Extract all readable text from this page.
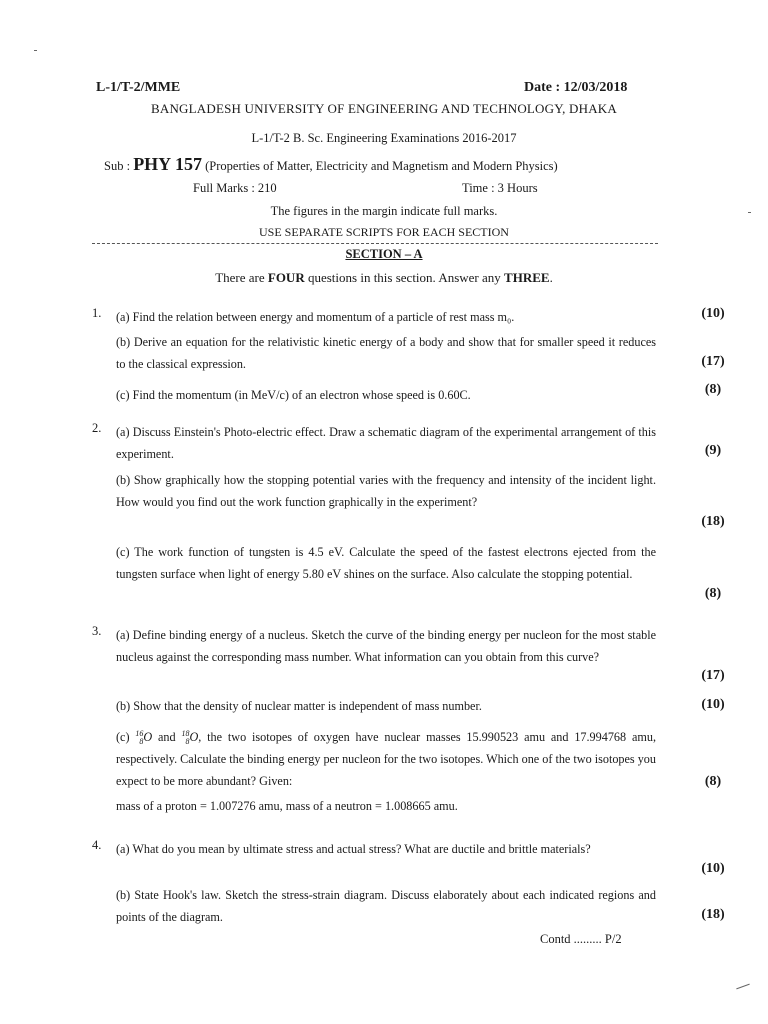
L-1/T-2/MME	Date : 12/03/2018
BANGLADESH UNIVERSITY OF ENGINEERING AND TECHNOLOGY, DHAKA
L-1/T-2 B. Sc. Engineering Examinations 2016-2017
Sub : PHY 157 (Properties of Matter, Electricity and Magnetism and Modern Physics)
Full Marks : 210	Time : 3 Hours
The figures in the margin indicate full marks.
USE SEPARATE SCRIPTS FOR EACH SECTION
SECTION – A
There are FOUR questions in this section. Answer any THREE.
1. (a) Find the relation between energy and momentum of a particle of rest mass m₀.	(10)
(b) Derive an equation for the relativistic kinetic energy of a body and show that for smaller speed it reduces to the classical expression.	(17)
(c) Find the momentum (in MeV/c) of an electron whose speed is 0.60C.	(8)
2. (a) Discuss Einstein's Photo-electric effect. Draw a schematic diagram of the experimental arrangement of this experiment.	(9)
(b) Show graphically how the stopping potential varies with the frequency and intensity of the incident light. How would you find out the work function graphically in the experiment?
(18)
(c) The work function of tungsten is 4.5 eV. Calculate the speed of the fastest electrons ejected from the tungsten surface when light of energy 5.80 eV shines on the surface. Also calculate the stopping potential.
(8)
3. (a) Define binding energy of a nucleus. Sketch the curve of the binding energy per nucleon for the most stable nucleus against the corresponding mass number. What information can you obtain from this curve?
(17)
(b) Show that the density of nuclear matter is independent of mass number.	(10)
(c) 16
8O and 18
8O, the two isotopes of oxygen have nuclear masses 15.990523 amu and 17.994768 amu, respectively. Calculate the binding energy per nucleon for the two isotopes. Which one of the two isotopes you expect to be more abundant? Given:
mass of a proton = 1.007276 amu, mass of a neutron = 1.008665 amu.
(8)
4. (a) What do you mean by ultimate stress and actual stress? What are ductile and brittle materials?
(10)
(b) State Hook's law. Sketch the stress-strain diagram. Discuss elaborately about each indicated regions and points of the diagram.	(18)
Contd ......... P/2
